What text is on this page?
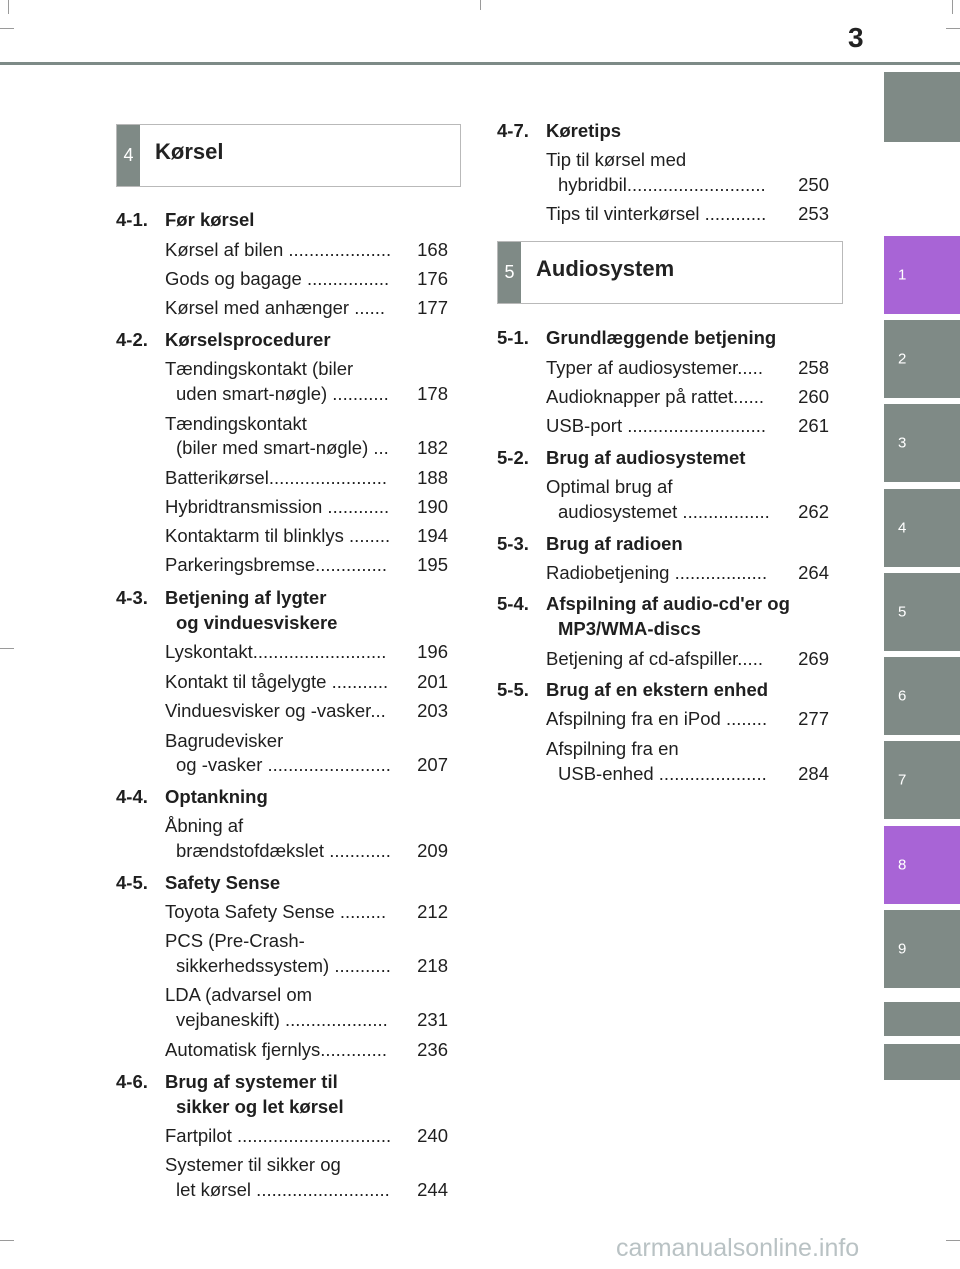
3
1
2
3
4
5
6
7
8
9
4 Kørsel
4-1. Før kørsel
Kørsel af bilen .................... 168
Gods og bagage ................ 176
Kørsel med anhænger ...... 177
4-2. Kørselsprocedurer
Tændingskontakt (biler
uden smart-nøgle) ........... 178
Tændingskontakt
(biler med smart-nøgle) ... 182
Batterikørsel....................... 188
Hybridtransmission ............ 190
Kontaktarm til blinklys ........ 194
Parkeringsbremse.............. 195
4-3. Betjening af lygter
og vinduesviskere
Lyskontakt.......................... 196
Kontakt til tågelygte ........... 201
Vinduesvisker og -vasker... 203
Bagrudevisker
og -vasker ........................ 207
4-4. Optankning
Åbning af
brændstofdækslet ............ 209
4-5. Safety Sense
Toyota Safety Sense ......... 212
PCS (Pre-Crash-
sikkerhedssystem) ........... 218
LDA (advarsel om
vejbaneskift) .................... 231
Automatisk fjernlys............. 236
4-6. Brug af systemer til
sikker og let kørsel
Fartpilot .............................. 240
Systemer til sikker og
let kørsel .......................... 244
4-7. Køretips
Tip til kørsel med
hybridbil........................... 250
Tips til vinterkørsel ............ 253
5 Audiosystem
5-1. Grundlæggende betjening
Typer af audiosystemer..... 258
Audioknapper på rattet...... 260
USB-port ........................... 261
5-2. Brug af audiosystemet
Optimal brug af
audiosystemet ................. 262
5-3. Brug af radioen
Radiobetjening .................. 264
5-4. Afspilning af audio-cd'er og
MP3/WMA-discs
Betjening af cd-afspiller..... 269
5-5. Brug af en ekstern enhed
Afspilning fra en iPod ........ 277
Afspilning fra en
USB-enhed ..................... 284
carmanualsonline.info
